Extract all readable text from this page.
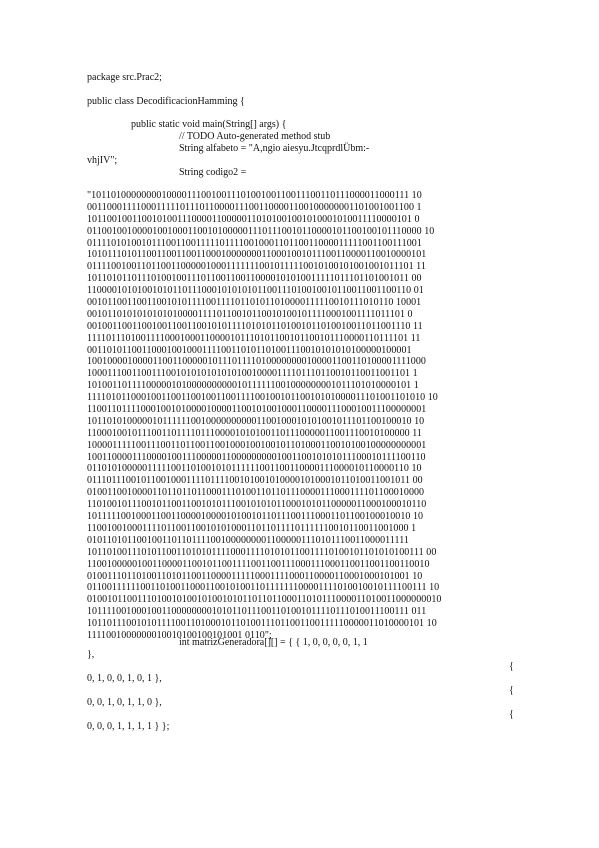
package src.Prac2;
public class DecodificacionHamming {
public static void main(String[] args) {
// TODO Auto-generated method stub
String alfabeto = "A,ngio aiesyu.JtcqprdlÜbm:-
vhjIV";
String codigo2 =
"1011010000000010000111001001110100100110011100110111000011000111 10
001100011110001111101110110000111001100001100100000001101001001100 1
10110010011001010011100001100000110101001001010001010011110000101 0
0110010010000100100011001010000011101110010110000101100100101110000 10
01111010100101110011001111101111001000110110011000011111001100111001
10101110101100110011001100010000000110001001011100110000110010000101
011110010011011001100000100011111110010111110010100101001001011101 11
10110101101110100100111011001100110000101010011111011101101001011 00
11000010101001010110111000101010101100111010010010110011001100110 01
00101100110011001010111100111101101011010000111110010111010110 10001
0010110101010101010000111101100101100101001011110001001111011101 0
00100110011001001100110010101111010101101001011010010011011001110 11
11110111010011110001000110000101110101100101100101110000110111101 11
00110101100110001001000111100110101101001110010101010100000100001
10010000100001100110000010111011110100000000100001100110100001111000
10001110011001110010101010101010010000111101110110010110011001101 1
10100110111100000101000000000010111111001000000001011101010000101 1
11110101100010011001100100110011110010010110010101000011101001101010 10
11001101111000100101000010000110010100100011000011100010011100000001
10110101000001011111100100000000001100100010101001011101100100010 10
11000100101110011011110111000010101001101110000011001110010100000 11
10000111110011100110110011001000100100101101000110010100100000000001
10011000011100001001110000011000000000100110010101011100010111100110
01101010000011111001101001010111111001100110000111000010110000110 10
01110111001011001000111101111001010010100001010001011010011001011 00
01001100100001101101101100011101001101101110000111000111101100010000
11010010111001011001100101011100101010110001010110000011000100010110
10111110010001100110000100001010010110111001110001101100100010010 10
11001001000111101100110010101000110110111101111110010110011001000 1
01011010110010011011011110010000000011000001110101110011000011111
10110100111010110011010101111000111101010110011110100101101010100111 00
110010000010011000011001011001111001100111000111000110011001100110010
01001110110100110101100110000111110001111000110000110001000101001 10
011001111110011010011000110010100110111111100001111010010010111100111 10
01001011001110100101001010010101101101100011010111000011010011000000010
10111100100010011000000001010110111001101001011110111010011100111 011
10110111001010111100110100010110100111011001100111110000011010000101 10
1111001000000010010100100101001 0110";
int matrizGeneradora[][] = { { 1, 0, 0, 0, 0, 1, 1
},
{
0, 1, 0, 0, 1, 0, 1 },
{
0, 0, 1, 0, 1, 1, 0 },
{
0, 0, 0, 1, 1, 1, 1 } };
